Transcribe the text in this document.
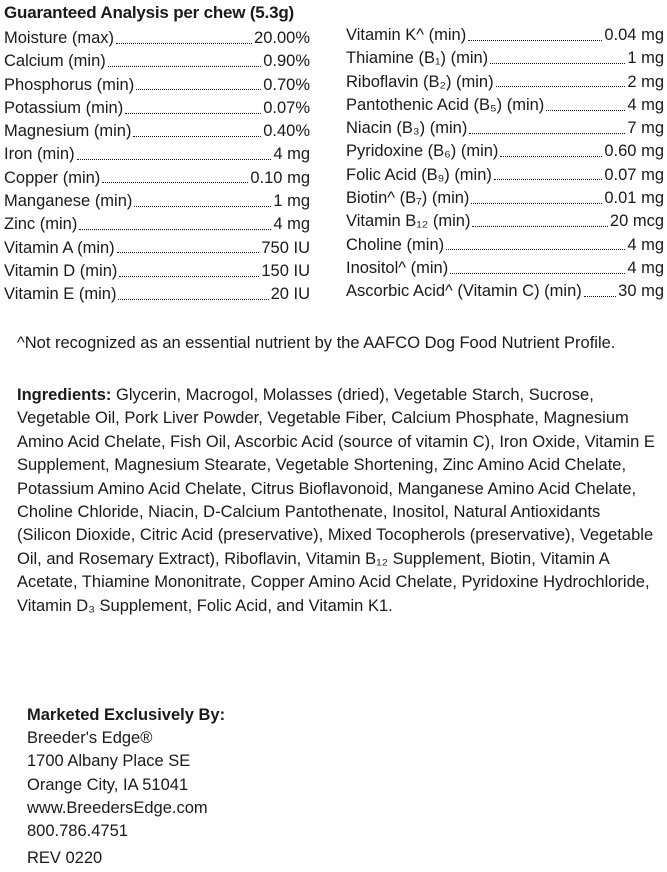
Guaranteed Analysis per chew (5.3g)
Moisture (max)	20.00%
Calcium (min)	0.90%
Phosphorus (min)	0.70%
Potassium (min)	0.07%
Magnesium (min)	0.40%
Iron (min)	4 mg
Copper (min)	0.10 mg
Manganese (min)	1 mg
Zinc (min)	4 mg
Vitamin A (min)	750 IU
Vitamin D (min)	150 IU
Vitamin E (min)	20 IU
Vitamin K^ (min)	0.04 mg
Thiamine (B₁) (min)	1 mg
Riboflavin (B₂) (min)	2 mg
Pantothenic Acid (B₅) (min)	4 mg
Niacin (B₃) (min)	7 mg
Pyridoxine (B₆) (min)	0.60 mg
Folic Acid (B₉) (min)	0.07 mg
Biotin^ (B₇) (min)	0.01 mg
Vitamin B₁₂ (min)	20 mcg
Choline (min)	4 mg
Inositol^ (min)	4 mg
Ascorbic Acid^ (Vitamin C) (min) 30 mg
^Not recognized as an essential nutrient by the AAFCO Dog Food Nutrient Profile.
Ingredients: Glycerin, Macrogol, Molasses (dried), Vegetable Starch, Sucrose, Vegetable Oil, Pork Liver Powder, Vegetable Fiber, Calcium Phosphate, Magnesium Amino Acid Chelate, Fish Oil, Ascorbic Acid (source of vitamin C), Iron Oxide, Vitamin E Supplement, Magnesium Stearate, Vegetable Shortening, Zinc Amino Acid Chelate, Potassium Amino Acid Chelate, Citrus Bioflavonoid, Manganese Amino Acid Chelate, Choline Chloride, Niacin, D-Calcium Pantothenate, Inositol, Natural Antioxidants (Silicon Dioxide, Citric Acid (preservative), Mixed Tocopherols (preservative), Vegetable Oil, and Rosemary Extract), Riboflavin, Vitamin B₁₂ Supplement, Biotin, Vitamin A Acetate, Thiamine Mononitrate, Copper Amino Acid Chelate, Pyridoxine Hydrochloride, Vitamin D₃ Supplement, Folic Acid, and Vitamin K1.
Marketed Exclusively By:
Breeder's Edge®
1700 Albany Place SE
Orange City, IA 51041
www.BreedersEdge.com
800.786.4751
REV 0220
